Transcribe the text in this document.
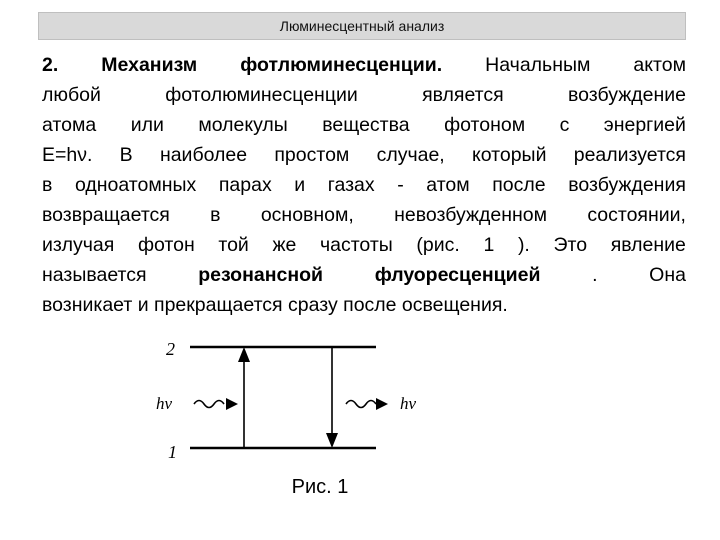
Люминесцентный анализ
2. Механизм фотлюминесценции. Начальным актом
любой	фотолюминесценции	является	возбуждение
атома или молекулы вещества фотоном с энергией
E=hν. В наиболее простом случае, который реализуется
в одноатомных парах и газах - атом после возбуждения
возвращается в основном, невозбужденном состоянии,
излучая фотон той же частоты (рис. 1 ). Это явление
называется	резонансной	флуоресценцией	.	Она
возникает и прекращается сразу после освещения.
2
1
hν	hν
Рис. 1
